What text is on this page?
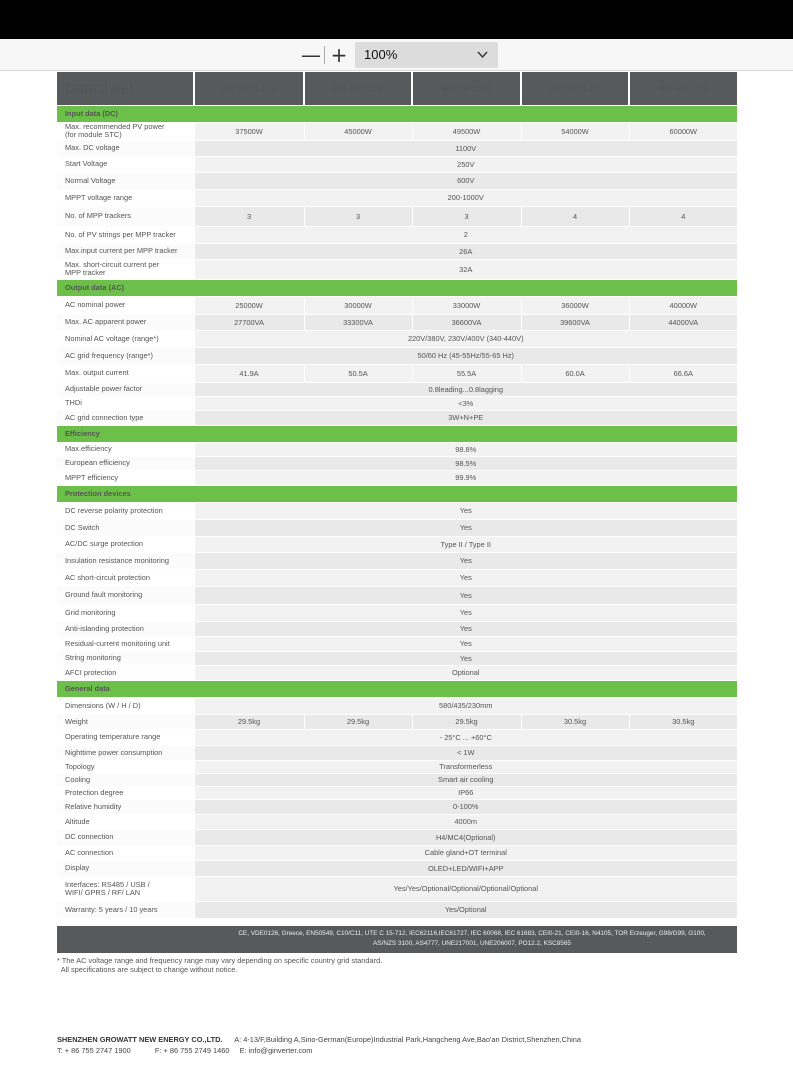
— +	100%
Datasheet	MID 25KTL3-X1	MID 30KTL3-X	MID 33KTL3-X	MID 36KTL3-X	MID 40KTL3-X
Input data (DC)					
Max. recommended PV power
(for module STC)	37500W	45000W	49500W	54000W	60000W
Max. DC voltage	1100V				
Start Voltage	250V				
Normal Voltage	600V				
MPPT voltage range	200-1000V				
No. of MPP trackers	3	3	3	4	4
No. of PV strings per MPP tracker	2				
Max.input current per MPP tracker	26A				
Max. short-circuit current per
MPP tracker	32A				
Output data (AC)					
AC nominal power	25000W	30000W	33000W	36000W	40000W
Max. AC apparent power	27700VA	33300VA	36600VA	39600VA	44000VA
Nominal AC voltage (range*)	220V/380V, 230V/400V (340-440V)				
AC grid frequency (range*)	50/60 Hz (45-55Hz/55-65 Hz)				
Max. output current	41.9A	50.5A	55.5A	60.0A	66.6A
Adjustable power factor	0.8leading...0.8lagging				
THDi	<3%				
AC grid connection type	3W+N+PE				
Efficiency					
Max.efficiency	98.8%				
European efficiency	98.5%				
MPPT efficiency	99.9%				
Protection devices					
DC reverse polarity protection	Yes				
DC Switch	Yes				
AC/DC surge protection	Type II / Type II				
Insulation resistance monitoring	Yes				
AC short-circuit protection	Yes				
Ground fault monitoring	Yes				
Grid monitoring	Yes				
Anti-islanding protection	Yes				
Residual-current monitoring unit	Yes				
String monitoring	Yes				
AFCI protection	Optional				
General data					
Dimensions (W / H / D)	580/435/230mm				
Weight	29.5kg	29.5kg	29.5kg	30.5kg	30.5kg
Operating temperature range	- 25°C ... +60°C				
Nighttime power consumption	< 1W				
Topology	Transformerless				
Cooling	Smart air cooling				
Protection degree	IP66				
Relative humidity	0-100%				
Altitude	4000m				
DC connection	H4/MC4(Optional)				
AC connection	Cable gland+OT terminal				
Display	OLED+LED/WIFI+APP				
Interfaces: RS485 / USB /
WIFI/ GPRS / RF/ LAN	Yes/Yes/Optional/Optional/Optional/Optional				
Warranty: 5 years / 10 years	Yes/Optional				
CE, VDE0126, Greece, EN50549, C10/C11, UTE C 15-712, IEC62116,IEC61727, IEC 60068, IEC 61683, CEI0-21, CEI0-16, N4105, TOR Erzeuger, G98/G99, G100, AS/NZS 3100, AS4777, UNE217001, UNE206007, PO12.2, KSC8565
* The AC voltage range and frequency range may vary depending on specific country grid standard.
All specifications are subject to change without notice.
SHENZHEN GROWATT NEW ENERGY CO.,LTD. A: 4-13/F,Building A,Sino-German(Europe)Industrial Park,Hangcheng Ave,Bao'an District,Shenzhen,China
T: + 86 755 2747 1900	F: + 86 755 2749 1460 E: info@ginverter.com
